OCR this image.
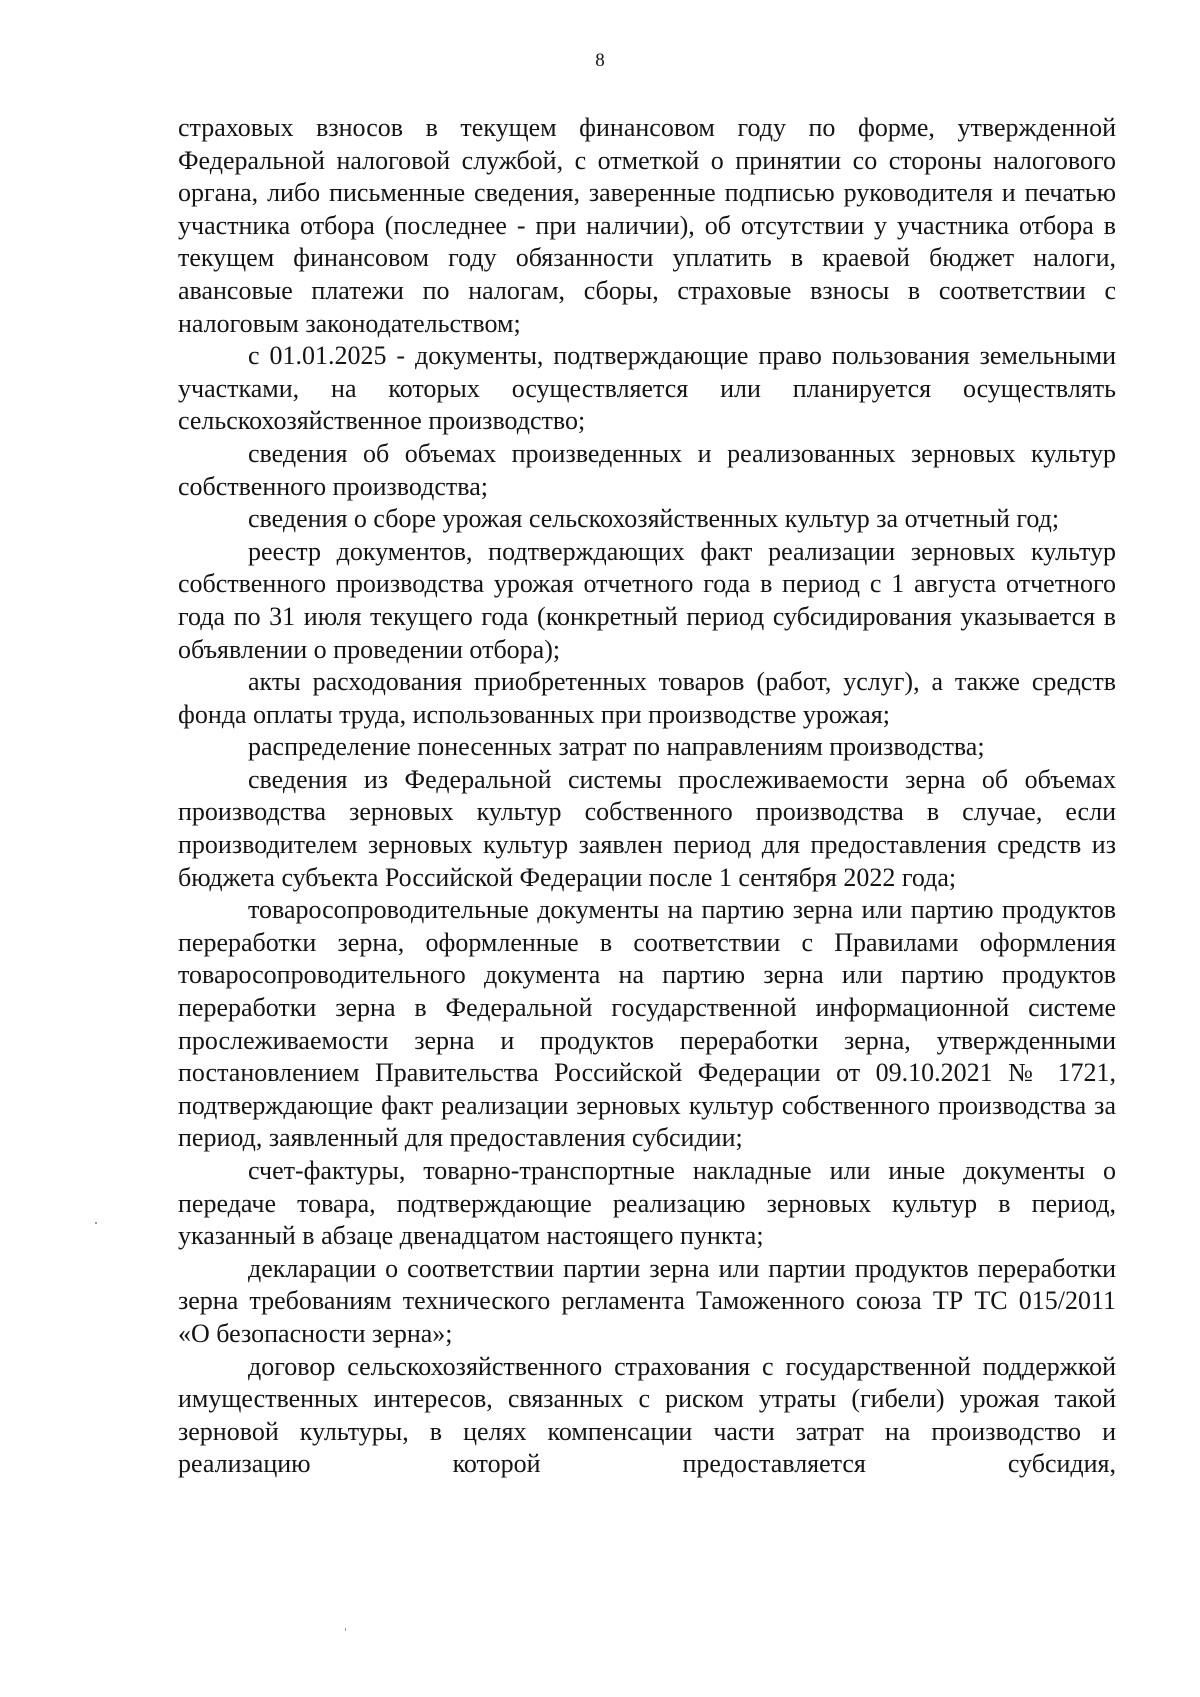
8

страховых взносов в текущем финансовом году по форме, утвержденной Федеральной налоговой службой, с отметкой о принятии со стороны налогового органа, либо письменные сведения, заверенные подписью руководителя и печатью участника отбора (последнее - при наличии), об отсутствии у участника отбора в текущем финансовом году обязанности уплатить в краевой бюджет налоги, авансовые платежи по налогам, сборы, страховые взносы в соответствии с налоговым законодательством;

с 01.01.2025 - документы, подтверждающие право пользования земельными участками, на которых осуществляется или планируется осуществлять сельскохозяйственное производство;

сведения об объемах произведенных и реализованных зерновых культур собственного производства;

сведения о сборе урожая сельскохозяйственных культур за отчетный год;

реестр документов, подтверждающих факт реализации зерновых культур собственного производства урожая отчетного года в период с 1 августа отчетного года по 31 июля текущего года (конкретный период субсидирования указывается в объявлении о проведении отбора);

акты расходования приобретенных товаров (работ, услуг), а также средств фонда оплаты труда, использованных при производстве урожая;

распределение понесенных затрат по направлениям производства;

сведения из Федеральной системы прослеживаемости зерна об объемах производства зерновых культур собственного производства в случае, если производителем зерновых культур заявлен период для предоставления средств из бюджета субъекта Российской Федерации после 1 сентября 2022 года;

товаросопроводительные документы на партию зерна или партию продуктов переработки зерна, оформленные в соответствии с Правилами оформления товаросопроводительного документа на партию зерна или партию продуктов переработки зерна в Федеральной государственной информационной системе прослеживаемости зерна и продуктов переработки зерна, утвержденными постановлением Правительства Российской Федерации от 09.10.2021 № 1721, подтверждающие факт реализации зерновых культур собственного производства за период, заявленный для предоставления субсидии;

счет-фактуры, товарно-транспортные накладные или иные документы о передаче товара, подтверждающие реализацию зерновых культур в период, указанный в абзаце двенадцатом настоящего пункта;

декларации о соответствии партии зерна или партии продуктов переработки зерна требованиям технического регламента Таможенного союза ТР ТС 015/2011 «О безопасности зерна»;

договор сельскохозяйственного страхования с государственной поддержкой имущественных интересов, связанных с риском утраты (гибели) урожая такой зерновой культуры, в целях компенсации части затрат на производство и реализацию которой предоставляется субсидия,
